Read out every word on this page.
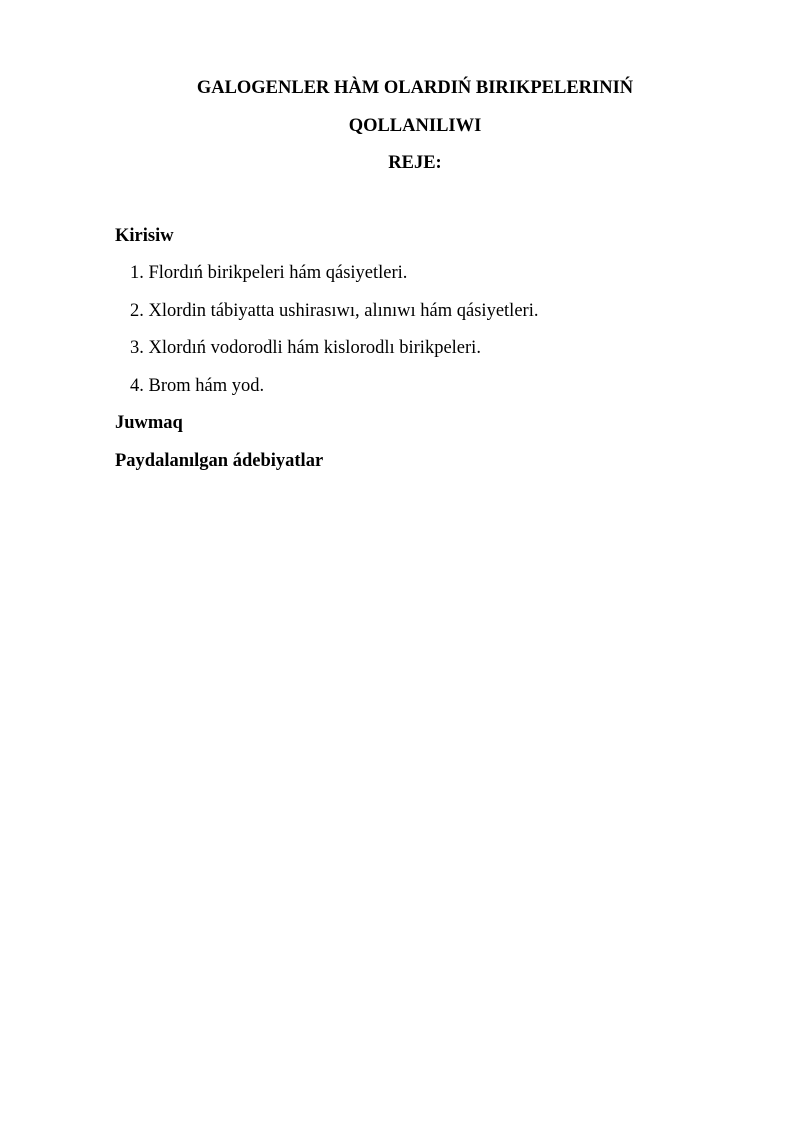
GALOGENLER HÀM OLARDIŃ BIRIKPELERINIŃ
QOLLANILIWI
REJE:
Kirisiw
1. Flordıń birikpeleri hám qásiyetleri.
2. Xlordin tábiyatta ushirasıwı, alınıwı hám qásiyetleri.
3. Xlordıń vodorodli hám kislorodlı birikpeleri.
4. Brom hám yod.
Juwmaq
Paydalanılgan ádebiyatlar
